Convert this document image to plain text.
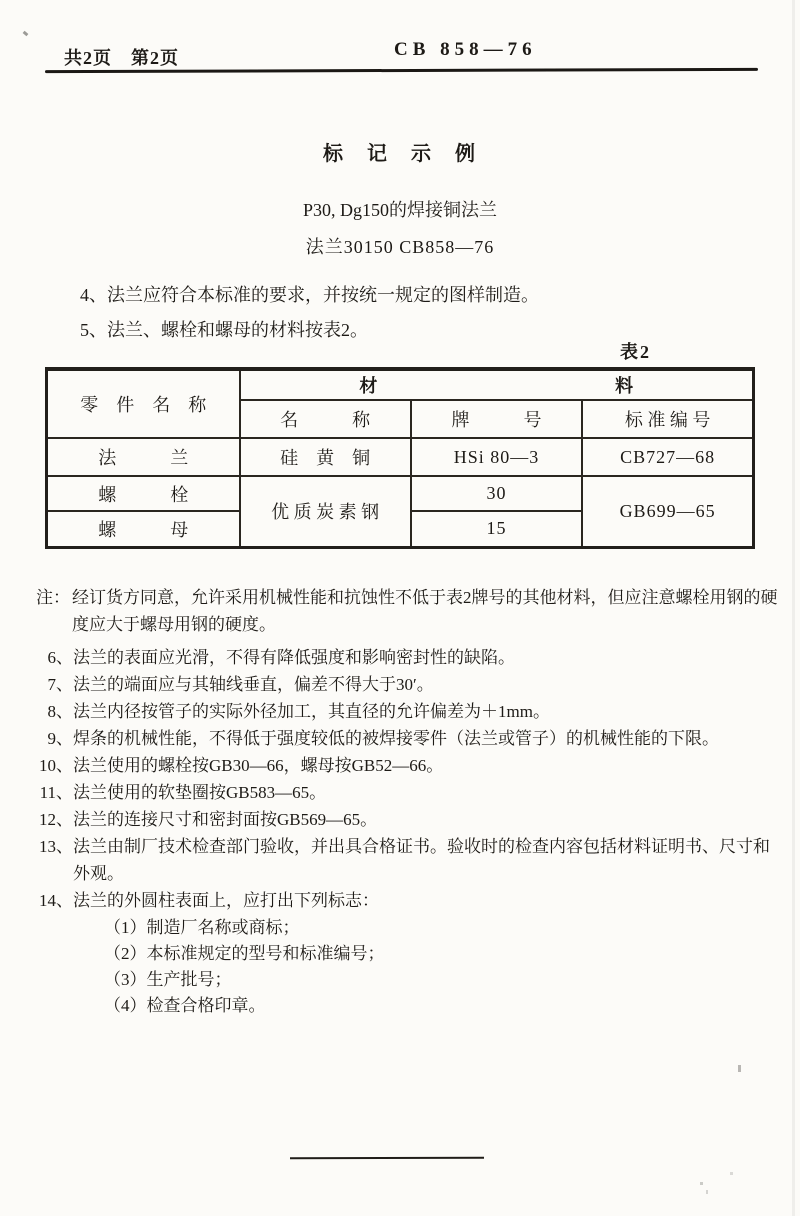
共2页　第2页	CB 858—76
标　记　示　例
P30, Dg150的焊接铜法兰
法兰30150 CB858—76
4、法兰应符合本标准的要求，并按统一规定的图样制造。
5、法兰、螺栓和螺母的材料按表2。
表2
零　件　名　称	材 料		

	名　　　称	牌　　　号	标 准 编 号
法　　　兰	硅　黄　铜	HSi 80—3	CB727—68
螺　　　栓	优 质 炭 素 钢	30	GB699—65
螺　　　母		15	
注： 经订货方同意，允许采用机械性能和抗蚀性不低于表2牌号的其他材料，但应注意螺栓用钢的硬度应大于螺母用钢的硬度。
6、 法兰的表面应光滑，不得有降低强度和影响密封性的缺陷。
7、 法兰的端面应与其轴线垂直，偏差不得大于30′。
8、 法兰内径按管子的实际外径加工，其直径的允许偏差为＋1mm。
9、 焊条的机械性能，不得低于强度较低的被焊接零件（法兰或管子）的机械性能的下限。
10、 法兰使用的螺栓按GB30—66，螺母按GB52—66。
11、 法兰使用的软垫圈按GB583—65。
12、 法兰的连接尺寸和密封面按GB569—65。
13、 法兰由制厂技术检查部门验收，并出具合格证书。验收时的检查内容包括材料证明书、尺寸和外观。
14、 法兰的外圆柱表面上，应打出下列标志：
（1） 制造厂名称或商标；
（2） 本标准规定的型号和标准编号；
（3） 生产批号；
（4） 检查合格印章。
